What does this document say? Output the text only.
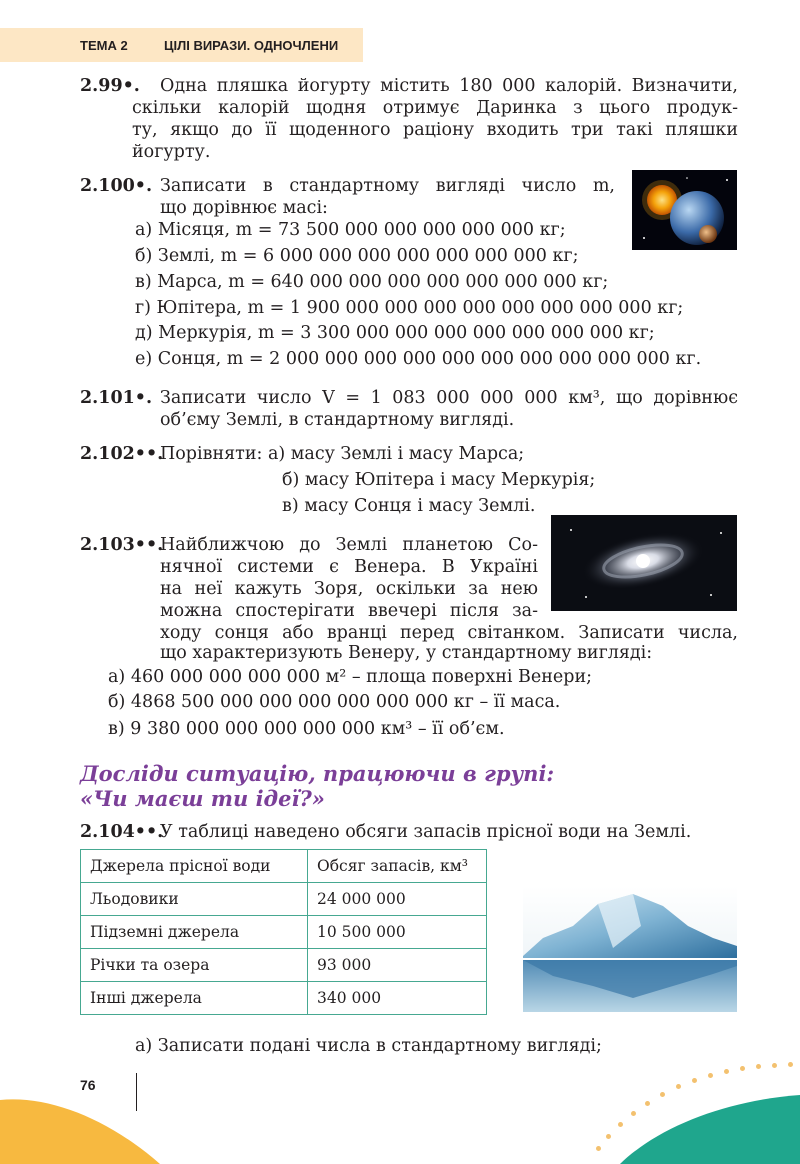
ТЕМА 2	ЦІЛІ ВИРАЗИ. ОДНОЧЛЕНИ
2.99•. Одна пляшка йогурту містить 180 000 калорій. Визначити,
скільки калорій щодня отримує Даринка з цього продук-
ту, якщо до її щоденного раціону входить три такі пляшки
йогурту.
2.100•. Записати в стандартному вигляді число m,
що дорівнює масі:
а) Місяця, m = 73 500 000 000 000 000 000 кг;
б) Землі, m = 6 000 000 000 000 000 000 000 кг;
в) Марса, m = 640 000 000 000 000 000 000 000 кг;
г) Юпітера, m = 1 900 000 000 000 000 000 000 000 000 кг;
д) Меркурія, m = 3 300 000 000 000 000 000 000 000 кг;
е) Сонця, m = 2 000 000 000 000 000 000 000 000 000 000 кг.
2.101•. Записати число V = 1 083 000 000 000 км³, що дорівнює
об’єму Землі, в стандартному вигляді.
2.102••.
Порівняти: а) масу Землі і масу Марса;
б) масу Юпітера і масу Меркурія;
в) масу Сонця і масу Землі.
2.103••.
Найближчою до Землі планетою Со-
нячної системи є Венера. В Україні
на неї кажуть Зоря, оскільки за нею
можна спостерігати ввечері після за-
ходу сонця або вранці перед світанком. Записати числа,
що характеризують Венеру, у стандартному вигляді:
а) 460 000 000 000 000 м² – площа поверхні Венери;
б) 4868 500 000 000 000 000 000 000 кг – її маса.
в) 9 380 000 000 000 000 000 км³ – її об’єм.
Досліди ситуацію, працюючи в групі:
«Чи маєш ти ідеї?»
2.104••.
У таблиці наведено обсяги запасів прісної води на Землі.
Джерела прісної води	Обсяг запасів, км³
Льодовики	24 000 000
Підземні джерела	10 500 000
Річки та озера	93 000
Інші джерела	340 000
а) Записати подані числа в стандартному вигляді;
76
